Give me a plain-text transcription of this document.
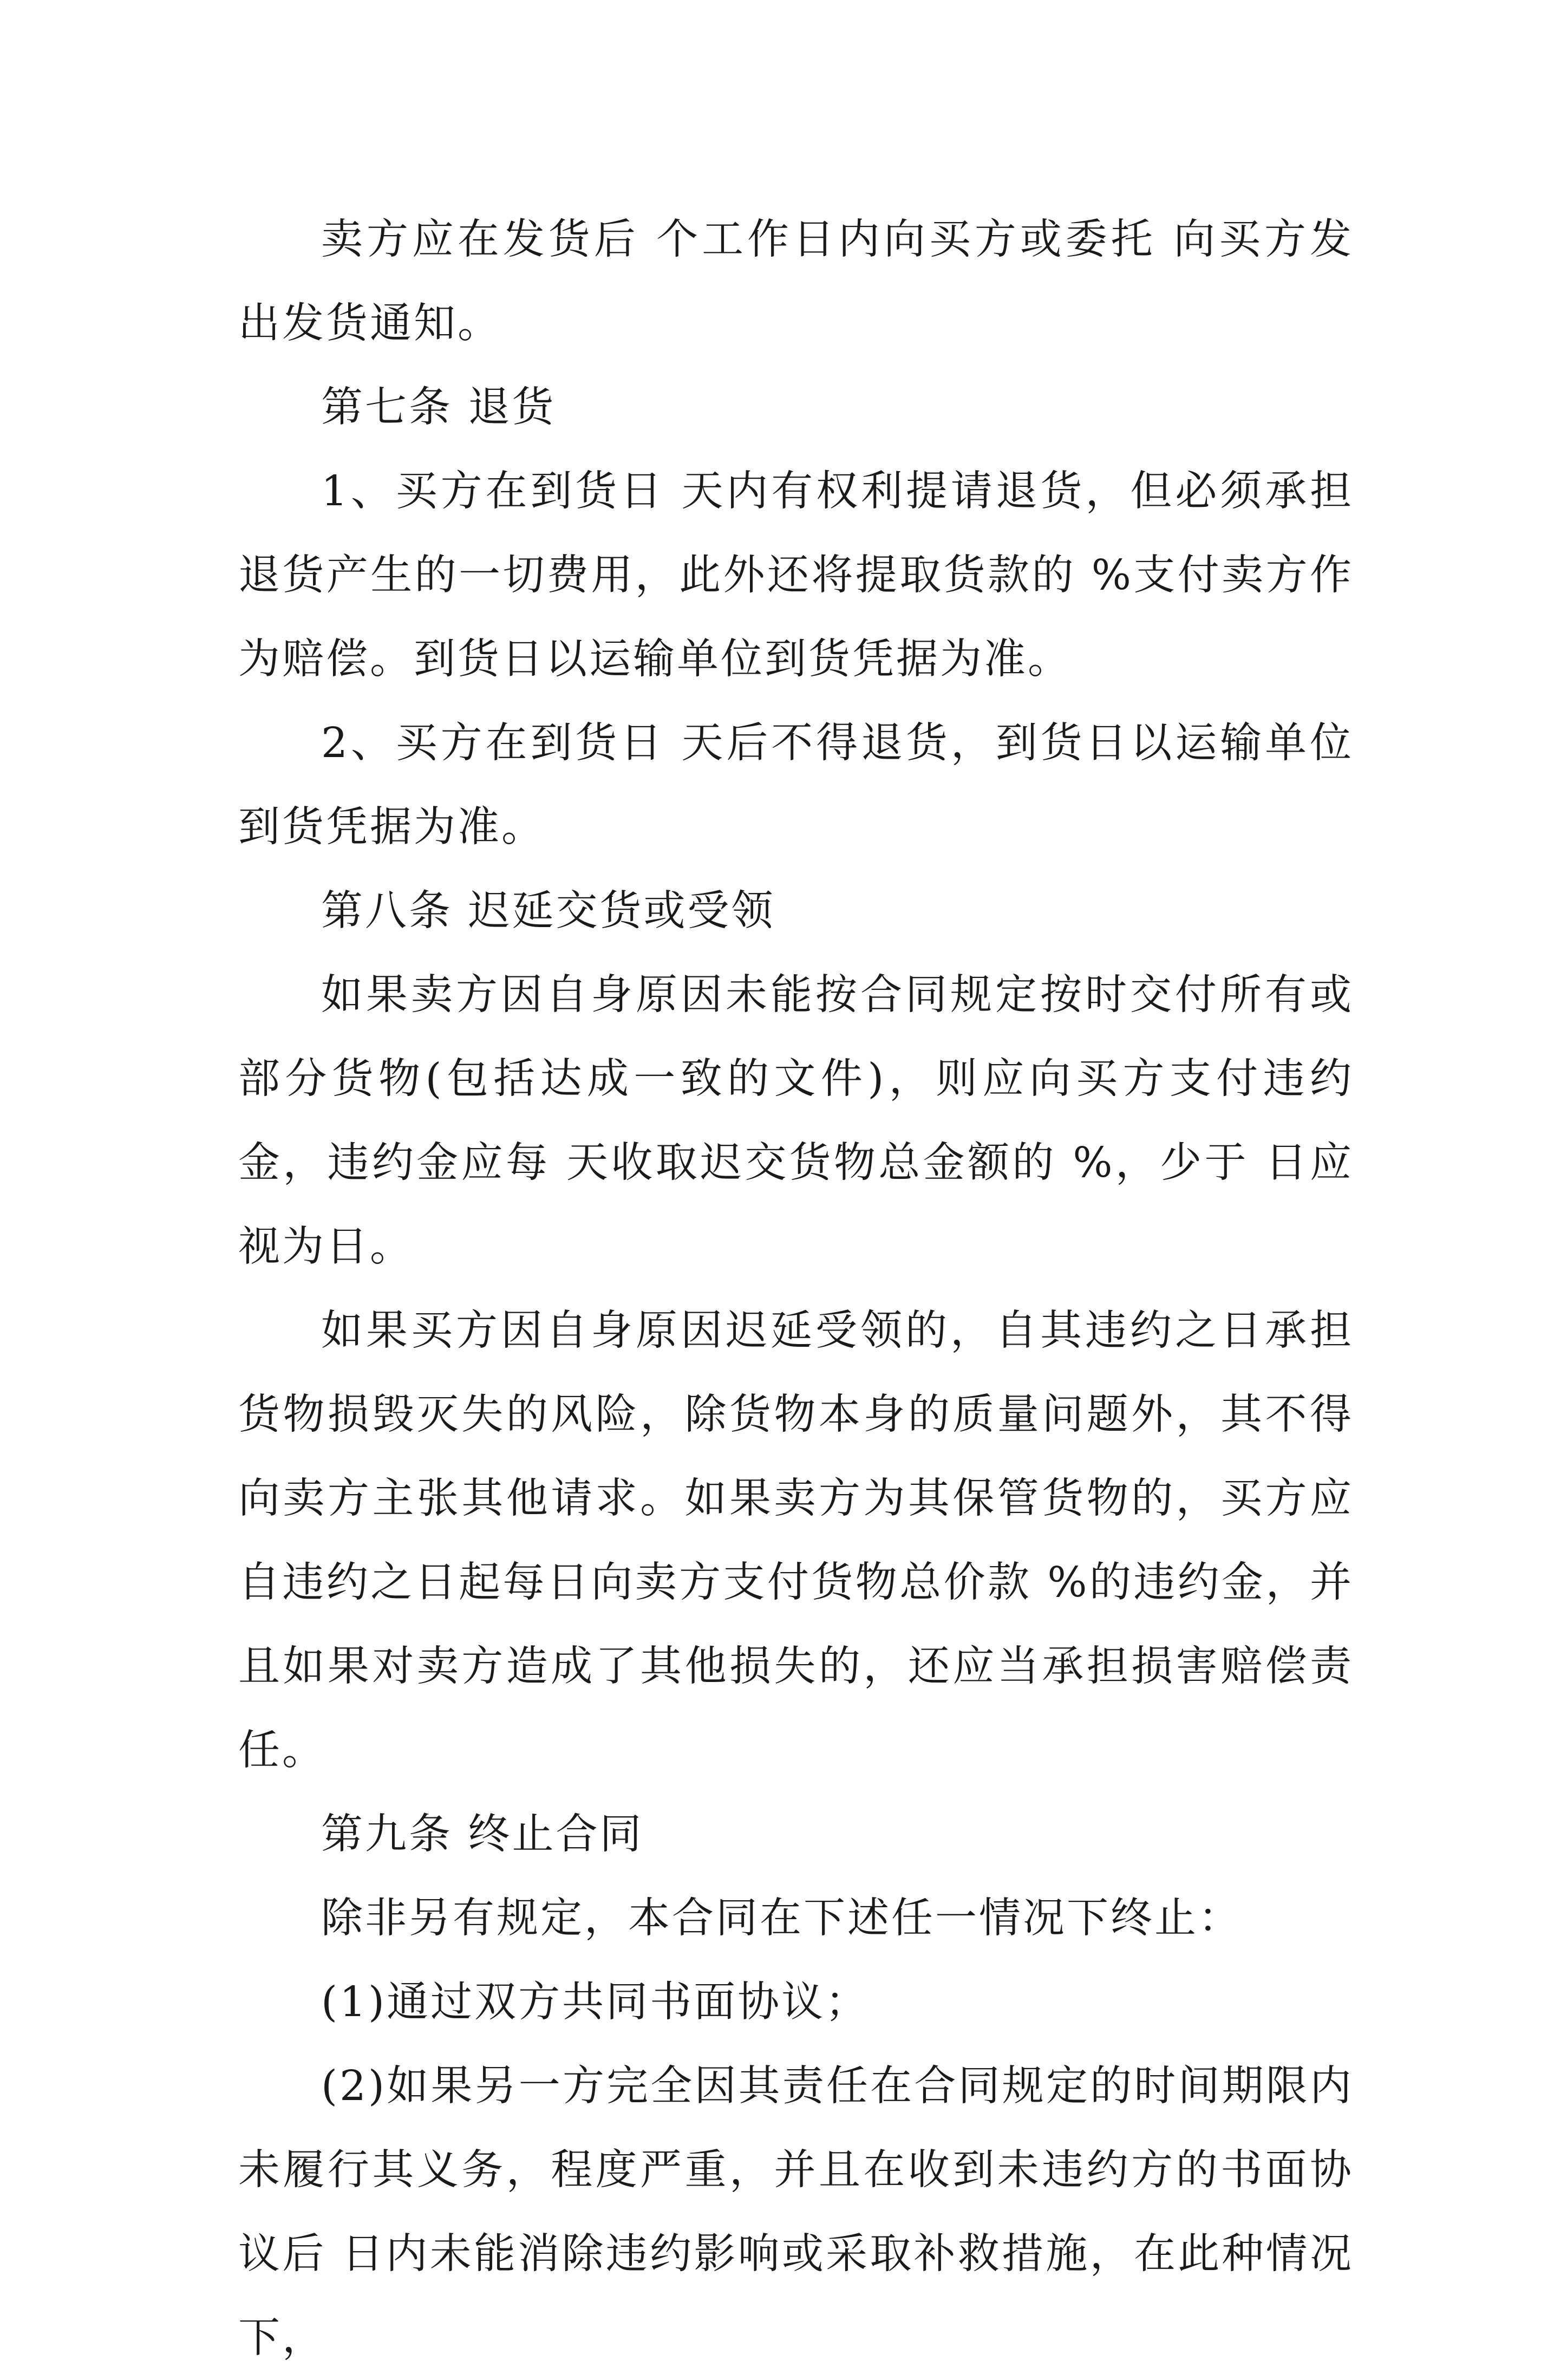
卖方应在发货后 个工作日内向买方或委托 向买方发出发货通知。

第七条 退货

1、买方在到货日 天内有权利提请退货，但必须承担退货产生的一切费用，此外还将提取货款的 %支付卖方作为赔偿。到货日以运输单位到货凭据为准。

2、买方在到货日 天后不得退货，到货日以运输单位到货凭据为准。

第八条 迟延交货或受领

如果卖方因自身原因未能按合同规定按时交付所有或部分货物(包括达成一致的文件)，则应向买方支付违约金，违约金应每 天收取迟交货物总金额的 %，少于 日应视为日。

如果买方因自身原因迟延受领的，自其违约之日承担货物损毁灭失的风险，除货物本身的质量问题外，其不得向卖方主张其他请求。如果卖方为其保管货物的，买方应自违约之日起每日向卖方支付货物总价款 %的违约金，并且如果对卖方造成了其他损失的，还应当承担损害赔偿责任。

第九条 终止合同

除非另有规定，本合同在下述任一情况下终止：

(1)通过双方共同书面协议；

(2)如果另一方完全因其责任在合同规定的时间期限内未履行其义务，程度严重，并且在收到未违约方的书面协议后 日内未能消除违约影响或采取补救措施，在此种情况下，
